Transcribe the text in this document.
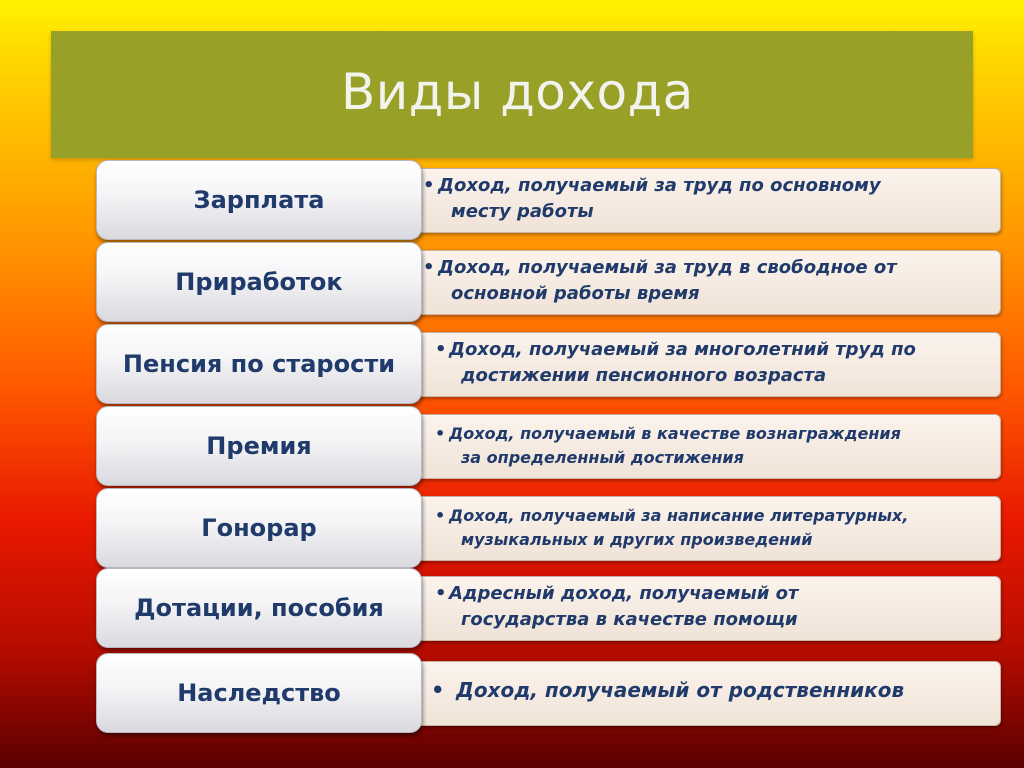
Виды дохода
• Доход, получаемый за труд по основному
месту работы
Зарплата
• Доход, получаемый за труд в свободное от
основной работы время
Приработок
• Доход, получаемый за многолетний труд по
достижении пенсионного возраста
Пенсия по старости
• Доход, получаемый в качестве вознаграждения
за определенный достижения
Премия
• Доход, получаемый за написание литературных,
музыкальных и других произведений
Гонорар
• Адресный доход, получаемый от
государства в качестве помощи
Дотации, пособия
• Доход, получаемый от родственников
Наследство
